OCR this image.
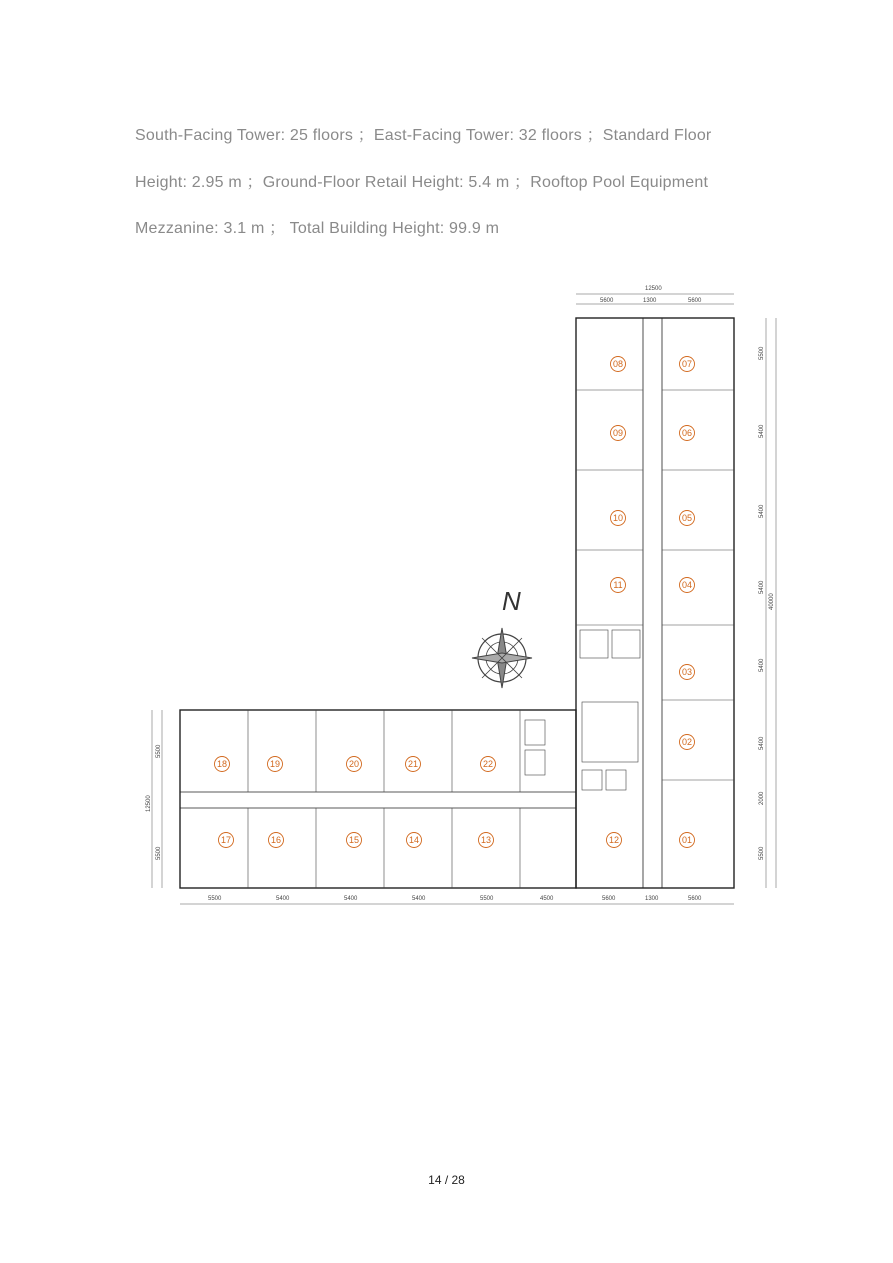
South-Facing Tower: 25 floors ；East-Facing Tower: 32 floors ；Standard Floor
Height: 2.95 m ；Ground-Floor Retail Height: 5.4 m ；Rooftop Pool Equipment
Mezzanine: 3.1 m ； Total Building Height: 99.9 m
12500
5600	1300	5600
5500	5400	5400	5400	5500	4500	5600	1300	5600
5500
5400
5400
5400
40000
5400
5400
2000
5500
5500
12500
5500
08
09
10
11
07
06
05
04
03
02
01
18	19	20	21	22
17	16	15	14	13	12
N
14 / 28
